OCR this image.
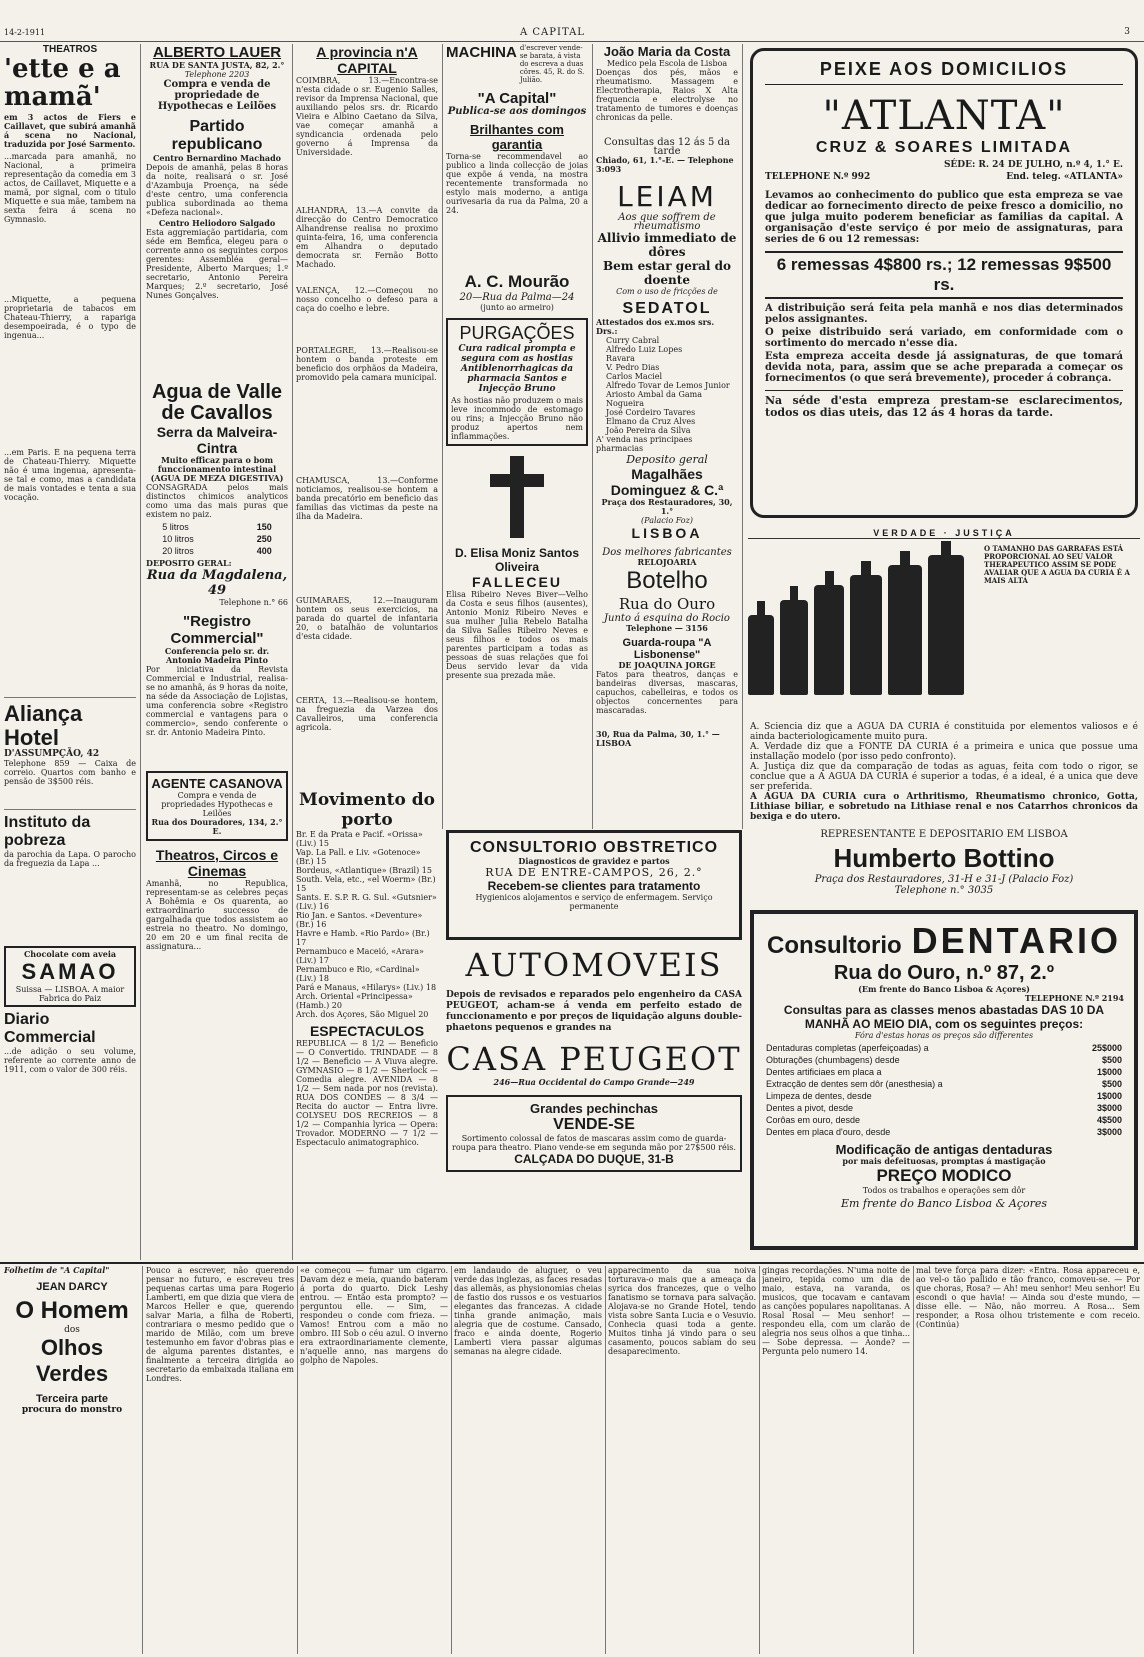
14-2-1911	A CAPITAL	3
THEATROS
'ette e a mamã'
em 3 actos de Fiers e Caillavet, que subirá amanhã á scena no Nacional, traduzida por José Sarmento.
...marcada para amanhã, no Nacional, a primeira representação da comedia em 3 actos, de Caillavet, Miquette e a mamã, por signal, com o titulo Miquette e sua mãe, tambem na sexta feira á scena no Gymnasio.
...Miquette, a pequena proprietaria de tabacos em Chateau-Thierry, a rapariga desempoeirada, é o typo de ingenua...
...em Paris. É na pequena terra de Chateau-Thierry. Miquette não é uma ingenua, apresenta-se tal e como, mas a candidata de mais vontades e tenta a sua vocação.
Aliança Hotel
D'ASSUMPÇÃO, 42
Telephone 859 — Caixa de correio. Quartos com banho e pensão de 3$500 réis.
Instituto da pobreza
da parochia da Lapa. O parocho da freguezia da Lapa ...
Chocolate com aveia
SAMAO
Suissa — LISBOA. A maior Fabrica do Paiz
Diario Commercial
...de adição o seu volume, referente ao corrente anno de 1911, com o valor de 300 réis.
ALBERTO LAUER
RUA DE SANTA JUSTA, 82, 2.°
Telephone 2203
Compra e venda de propriedade de Hypothecas e Leilões
Partido republicano
Centro Bernardino Machado
Depois de amanhã, pelas 8 horas da noite, realisará o sr. José d'Azambuja Proença, na séde d'este centro, uma conferencia publica subordinada ao thema «Defeza nacional».
Centro Heliodoro Salgado
Esta aggremiação partidaria, com séde em Bemfica, elegeu para o corrente anno os seguintes corpos gerentes: Assembléa geral—Presidente, Alberto Marques; 1.º secretario, Antonio Pereira Marques; 2.º secretario, José Nunes Gonçalves.
Agua de Valle
de Cavallos
Serra da Malveira-Cintra
Muito efficaz para o bom funccionamento intestinal
(AGUA DE MEZA DIGESTIVA)
CONSAGRADA pelos mais distinctos chimicos analyticos como uma das mais puras que existem no paiz.
5 litros	150
10 litros	250
20 litros	400
DEPOSITO GERAL:
Rua da Magdalena, 49
Telephone n.° 66
"Registro Commercial"
Conferencia pelo sr. dr. Antonio Madeira Pinto
Por iniciativa da Revista Commercial e Industrial, realisa-se no amanhã, ás 9 horas da noite, na séde da Associação de Lojistas, uma conferencia sobre «Registro commercial e vantagens para o commercio», sendo conferente o sr. dr. Antonio Madeira Pinto.
AGENTE CASANOVA
Compra e venda de propriedades Hypothecas e Leilões
Rua dos Douradores, 134, 2.° E.
Theatros, Circos e Cinemas
Amanhã, no Republica, representam-se as celebres peças A Bohêmia e Os quarenta, ao extraordinario successo de gargalhada que todos assistem ao estreia no theatro. No domingo, 20 em 20 e um final recita de assignatura...
A provincia n'A CAPITAL
COIMBRA, 13.—Encontra-se n'esta cidade o sr. Eugenio Salles, revisor da Imprensa Nacional, que auxiliando pelos srs. dr. Ricardo Vieira e Albino Caetano da Silva, vae começar amanhã a syndicancia ordenada pelo governo á Imprensa da Universidade.
ALHANDRA, 13.—A convite da direcção do Centro Democratico Alhandrense realisa no proximo quinta-feira, 16, uma conferencia em Alhandra o deputado democrata sr. Fernão Botto Machado.
VALENÇA, 12.—Começou no nosso concelho o defeso para a caça do coelho e lebre.
PORTALEGRE, 13.—Realisou-se hontem o banda proteste em beneficio dos orphãos da Madeira, promovido pela camara municipal.
CHAMUSCA, 13.—Conforme noticiamos, realisou-se hontem a banda precatório em beneficio das familias das victimas da peste na ilha da Madeira.
GUIMARÃES, 12.—Inauguram hontem os seus exercicios, na parada do quartel de infantaria 20, o batalhão de voluntarios d'esta cidade.
CERTÃ, 13.—Realisou-se hontem, na freguezia da Varzea dos Cavalleiros, uma conferencia agricola.
Movimento do porto
Br. E da Prata e Pacif. «Orissa» (Liv.) 15
Vap. La Pall. e Liv. «Gotenoce» (Br.) 15
Bordeus, «Atlantique» (Brazil) 15
South. Vela, etc., «el Woerm» (Br.) 15
Sants. E. S.P. R. G. Sul. «Gutsnier» (Liv.) 16
Rio Jan. e Santos. «Deventure» (Br.) 16
Havre e Hamb. «Rio Pardo» (Br.) 17
Pernambuco e Maceió, «Arara» (Liv.) 17
Pernambuco e Rio, «Cardinal» (Liv.) 18
Pará e Manaus, «Hilarys» (Liv.) 18
Arch. Oriental «Principessa» (Hamb.) 20
Arch. dos Açores, São Miguel 20
ESPECTACULOS
REPUBLICA — 8 1/2 — Beneficio — O Convertido. TRINDADE — 8 1/2 — Beneficio — A Viuva alegre. GYMNASIO — 8 1/2 — Sherlock — Comedia alegre. AVENIDA — 8 1/2 — Sem nada por nos (revista). RUA DOS CONDES — 8 3/4 — Recita do auctor — Entra livre. COLYSEU DOS RECREIOS — 8 1/2 — Companhia lyrica — Opera: Trovador. MODERNO — 7 1/2 — Espectaculo animatographico.
MACHINA d'escrever vende-se barata, á vista do escreva a duas côres. 45, R. do S. Julião.
"A Capital"
Publica-se aos domingos
Brilhantes com garantia
Torna-se recommendavel ao publico a linda collecção de joias que expõe á venda, na mostra recentemente transformada no estylo mais moderno, a antiga ourivesaria da rua da Palma, 20 a 24.
A. C. Mourão
20—Rua da Palma—24
(junto ao armeiro)
PURGAÇÕES
Cura radical prompta e segura com as hostias Antiblenorrhagicas da pharmacia Santos e Injecção Bruno
As hostias não produzem o mais leve incommodo de estomago ou rins; a Injecção Bruno não produz apertos nem inflammações.
D. Elisa Moniz Santos Oliveira
FALLECEU
Elisa Ribeiro Neves Biver—Velho da Costa e seus filhos (ausentes), Antonio Moniz Ribeiro Neves e sua mulher Julia Rebelo Batalha da Silva Salles Ribeiro Neves e seus filhos e todos os mais parentes participam a todas as pessoas de suas relações que foi Deus servido levar da vida presente sua prezada mãe.
João Maria da Costa
Medico pela Escola de Lisboa
Doenças dos pés, mãos e rheumatismo. Massagem e Electrotherapia, Raios X Alta frequencia e electrolyse no tratamento de tumores e doenças chronicas da pelle.
Consultas das 12 ás 5 da tarde
Chiado, 61, 1.°-E. — Telephone 3:093
LEIAM
Aos que soffrem de rheumatismo
Allivio immediato de dôres
Bem estar geral do doente
Com o uso de fricções de
SEDATOL
Attestados dos ex.mos srs. Drs.:
Curry Cabral
Alfredo Luiz Lopes
Ravara
V. Pedro Dias
Carlos Maciel
Alfredo Tovar de Lemos Junior
Ariosto Ambal da Gama Nogueira
José Cordeiro Tavares
Elmano da Cruz Alves
João Pereira da Silva
A' venda nas principaes pharmacias
Deposito geral
Magalhães Dominguez & C.ª
Praça dos Restauradores, 30, 1.°
(Palacio Foz)
LISBOA
Dos melhores fabricantes
RELOJOARIA
Botelho
Rua do Ouro
Junto á esquina do Rocio
Telephone — 3156
Guarda-roupa "A Lisbonense"
DE JOAQUINA JORGE
Fatos para theatros, danças e bandeiras diversas, mascaras, capuchos, cabelleiras, e todos os objectos concernentes para mascaradas.
30, Rua da Palma, 30, 1.° — LISBOA
PEIXE AOS DOMICILIOS
"ATLANTA"
CRUZ & SOARES LIMITADA
SÉDE: R. 24 DE JULHO, n.º 4, 1.° E.
TELEPHONE N.º 992	End. teleg. «ATLANTA»
Levamos ao conhecimento do publico que esta empreza se vae dedicar ao fornecimento directo de peixe fresco a domicilio, no que julga muito poderem beneficiar as familias da capital. A organisação d'este serviço é por meio de assignaturas, para series de 6 ou 12 remessas:
6 remessas 4$800 rs.; 12 remessas 9$500 rs.
A distribuição será feita pela manhã e nos dias determinados pelos assignantes.
O peixe distribuido será variado, em conformidade com o sortimento do mercado n'esse dia.
Esta empreza acceita desde já assignaturas, de que tomará devida nota, para, assim que se ache preparada a começar os fornecimentos (o que será brevemente), proceder á cobrança.
Na séde d'esta empreza prestam-se esclarecimentos, todos os dias uteis, das 12 ás 4 horas da tarde.
VERDADE · JUSTIÇA
O TAMANHO DAS GARRAFAS ESTÁ PROPORCIONAL AO SEU VALOR THERAPEUTICO ASSIM SE PODE AVALIAR QUE A AGUA DA CURIA É A MAIS ALTA
A. Sciencia diz que a AGUA DA CURIA é constituida por elementos valiosos e é ainda bacteriologicamente muito pura.
A. Verdade diz que a FONTE DA CURIA é a primeira e unica que possue uma installação modelo (por isso pedo confronto).
A. Justiça diz que da comparação de todas as aguas, feita com todo o rigor, se conclue que a A AGUA DA CURIA é superior a todas, é a ideal, é a unica que deve ser preferida.
A AGUA DA CURIA cura o Arthritismo, Rheumatismo chronico, Gotta, Lithiase biliar, e sobretudo na Lithiase renal e nos Catarrhos chronicos da bexiga e do utero.
REPRESENTANTE E DEPOSITARIO EM LISBOA
Humberto Bottino
Praça dos Restauradores, 31-H e 31-J (Palacio Foz)
Telephone n.° 3035
Consultorio DENTARIO
Rua do Ouro, n.º 87, 2.º
(Em frente do Banco Lisboa & Açores)
TELEPHONE N.º 2194
Consultas para as classes menos abastadas DAS 10 DA MANHÃ AO MEIO DIA, com os seguintes preços:
Fóra d'estas horas os preços são differentes
Dentaduras completas (aperfeiçoadas) a	25$000
Obturações (chumbagens) desde	$500
Dentes artificiaes em placa a	1$000
Extracção de dentes sem dôr (anesthesia) a	$500
Limpeza de dentes, desde	1$000
Dentes a pivot, desde	3$000
Corôas em ouro, desde	4$500
Dentes em placa d'ouro, desde	3$000
Modificação de antigas dentaduras
por mais defeituosas, promptas á mastigação
PREÇO MODICO
Todos os trabalhos e operações sem dôr
Em frente do Banco Lisboa & Açores
CONSULTORIO OBSTRETICO
Diagnosticos de gravidez e partos
RUA DE ENTRE-CAMPOS, 26, 2.°
Recebem-se clientes para tratamento
Hygienicos alojamentos e serviço de enfermagem. Serviço permanente
AUTOMOVEIS
Depois de revisados e reparados pelo engenheiro da CASA PEUGEOT, acham-se á venda em perfeito estado de funccionamento e por preços de liquidação alguns double-phaetons pequenos e grandes na
CASA PEUGEOT
246—Rua Occidental do Campo Grande—249
Grandes pechinchas
VENDE-SE
Sortimento colossal de fatos de mascaras assim como de guarda-roupa para theatro. Piano vende-se em segunda mão por 27$500 réis.
CALÇADA DO DUQUE, 31-B
Folhetim de "A Capital"
JEAN DARCY
O Homem
dos
Olhos Verdes
Terceira parte
procura do monstro
Pouco a escrever, não querendo pensar no futuro, e escreveu tres pequenas cartas uma para Rogerio Lamberti, em que dizia que viera de Marcos Heller e que, querendo salvar Maria, a filha de Roberti, contrariara o mesmo pedido que o marido de Milão, com um breve testemunho em favor d'obras pias e de alguma parentes distantes, e finalmente a terceira dirigida ao secretario da embaixada italiana em Londres.
«e começou — fumar um cigarro. Davam dez e meia, quando bateram á porta do quarto. Dick Leshy entrou. — Então esta prompto? — perguntou elle. — Sim, — respondeu o conde com frieza. — Vamos! Entrou com a mão no ombro. III Sob o céu azul. O inverno era extraordinariamente clemente, n'aquelle anno, nas margens do golpho de Napoles.
em landaudo de aluguer, o veu verde das inglezas, as faces resadas das allemãs, as physionomias cheias de fastio dos russos e os vestuarios elegantes das francezas. A cidade tinha grande animação, mais alegria que de costume. Cansado, fraco e ainda doente, Rogerio Lamberti viera passar algumas semanas na alegre cidade.
apparecimento da sua noiva torturava-o mais que a ameaça da syrica dos francezes, que o velho fanatismo se tornava para salvação. Alojava-se no Grande Hotel, tendo vista sobre Santa Lucia e o Vesuvio. Conhecia quasi toda a gente. Muitos tinha já vindo para o seu casamento, poucos sabiam do seu desaparecimento.
gingas recordações. N'uma noite de janeiro, tepida como um dia de maio, estava, na varanda, os musicos, que tocavam e cantavam as canções populares napolitanas. A Rosal Rosal — Meu senhor! — respondeu ella, com um clarão de alegria nos seus olhos a que tinha... — Sobe depressa. — Aonde? — Pergunta pelo numero 14.
mal teve força para dizer: «Entra. Rosa appareceu e, ao vel-o tão pallido e tão franco, comoveu-se. — Por que choras, Rosa? — Ah! meu senhor! Meu senhor! Eu escondi o que havia! — Ainda sou d'este mundo, — disse elle. — Não, não morreu. A Rosa... Sem responder, a Rosa olhou tristemente e com receio. (Continúa)
